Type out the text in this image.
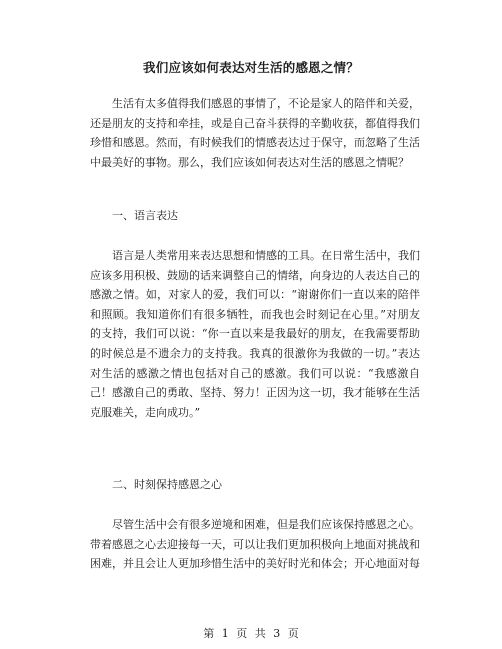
我们应该如何表达对生活的感恩之情？

生活有太多值得我们感恩的事情了，不论是家人的陪伴和关爱，还是朋友的支持和牵挂，或是自己奋斗获得的辛勤收获，都值得我们珍惜和感恩。然而，有时候我们的情感表达过于保守，而忽略了生活中最美好的事物。那么，我们应该如何表达对生活的感恩之情呢？

一、语言表达

语言是人类常用来表达思想和情感的工具。在日常生活中，我们应该多用积极、鼓励的话来调整自己的情绪，向身边的人表达自己的感激之情。如，对家人的爱，我们可以：“谢谢你们一直以来的陪伴和照顾。我知道你们有很多牺牲，而我也会时刻记在心里。”对朋友的支持，我们可以说：“你一直以来是我最好的朋友，在我需要帮助的时候总是不遗余力的支持我。我真的很激你为我做的一切。”表达对生活的感激之情也包括对自己的感激。我们可以说：“我感激自己！感激自己的勇敢、坚持、努力！正因为这一切，我才能够在生活克服难关，走向成功。”

二、时刻保持感恩之心

尽管生活中会有很多逆境和困难，但是我们应该保持感恩之心。带着感恩之心去迎接每一天，可以让我们更加积极向上地面对挑战和困难，并且会让人更加珍惜生活中的美好时光和体会；开心地面对每

第 1 页 共 3 页
